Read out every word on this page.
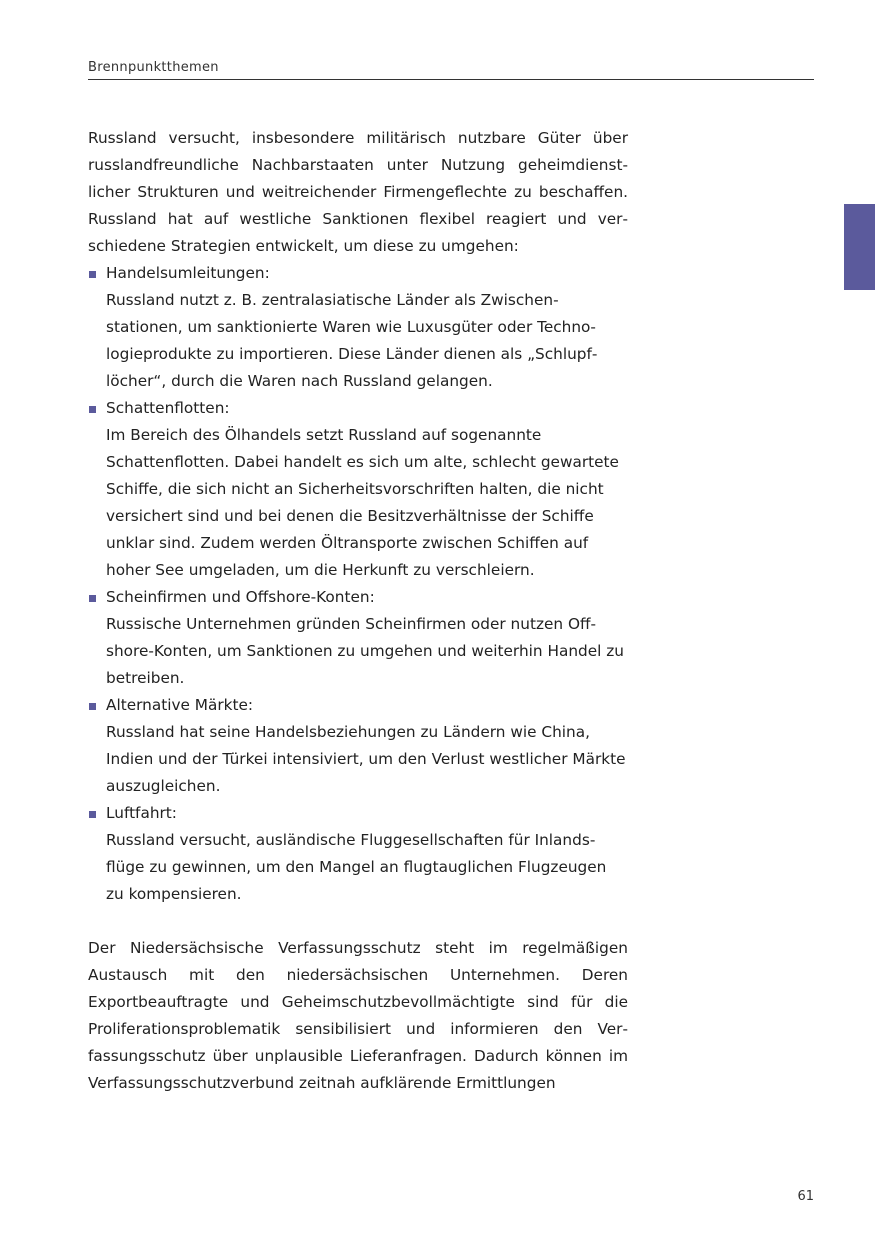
Brennpunktthemen

Russland versucht, insbesondere militärisch nutzbare Güter über russlandfreundliche Nachbarstaaten unter Nutzung geheimdienstlicher Strukturen und weitreichender Firmengeflechte zu beschaffen. Russland hat auf westliche Sanktionen flexibel reagiert und verschiedene Strategien entwickelt, um diese zu umgehen:

Handelsumleitungen:
Russland nutzt z. B. zentralasiatische Länder als Zwischenstationen, um sanktionierte Waren wie Luxusgüter oder Technologieprodukte zu importieren. Diese Länder dienen als „Schlupflöcher“, durch die Waren nach Russland gelangen.
Schattenflotten:
Im Bereich des Ölhandels setzt Russland auf sogenannte Schattenflotten. Dabei handelt es sich um alte, schlecht gewartete Schiffe, die sich nicht an Sicherheitsvorschriften halten, die nicht versichert sind und bei denen die Besitzverhältnisse der Schiffe unklar sind. Zudem werden Öltransporte zwischen Schiffen auf hoher See umgeladen, um die Herkunft zu verschleiern.
Scheinfirmen und Offshore-Konten:
Russische Unternehmen gründen Scheinfirmen oder nutzen Offshore-Konten, um Sanktionen zu umgehen und weiterhin Handel zu betreiben.
Alternative Märkte:
Russland hat seine Handelsbeziehungen zu Ländern wie China, Indien und der Türkei intensiviert, um den Verlust westlicher Märkte auszugleichen.
Luftfahrt:
Russland versucht, ausländische Fluggesellschaften für Inlandsflüge zu gewinnen, um den Mangel an flugtauglichen Flugzeugen zu kompensieren.

Der Niedersächsische Verfassungsschutz steht im regelmäßigen Austausch mit den niedersächsischen Unternehmen. Deren Exportbeauftragte und Geheimschutzbevollmächtigte sind für die Proliferationsproblematik sensibilisiert und informieren den Verfassungsschutz über unplausible Lieferanfragen. Dadurch können im Verfassungsschutzverbund zeitnah aufklärende Ermittlungen

61
